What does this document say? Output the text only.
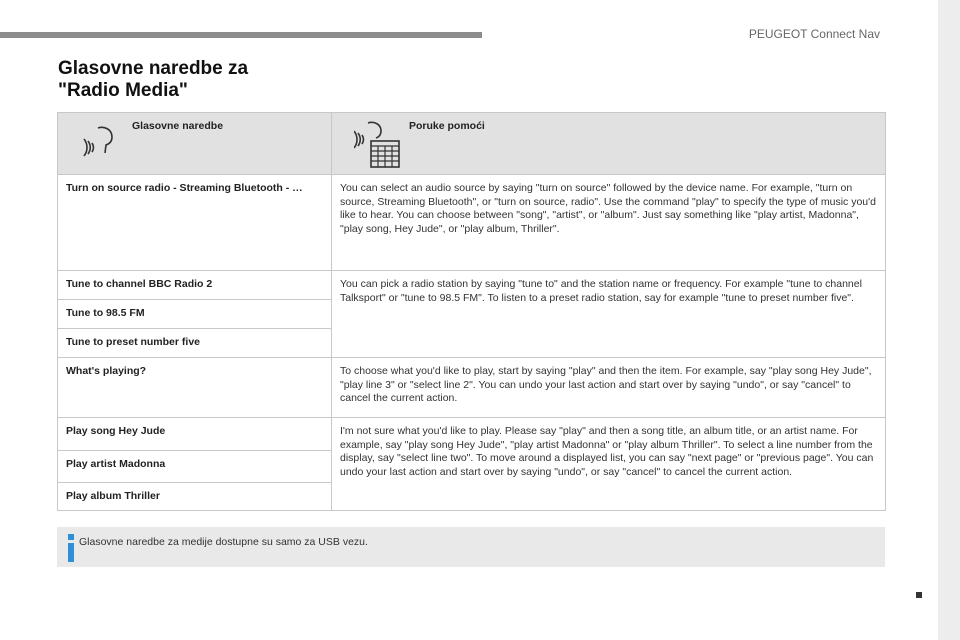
PEUGEOT Connect Nav
Glasovne naredbe za
"Radio Media"
Glasovne naredbe	Poruke pomoći

Turn on source radio - Streaming Bluetooth - …	You can select an audio source by saying "turn on source" followed by the device name. For example, "turn on source, Streaming Bluetooth", or "turn on source, radio". Use the command "play" to specify the type of music you'd like to hear. You can choose between "song", "artist", or "album". Just say something like "play artist, Madonna", "play song, Hey Jude", or "play album, Thriller".
Tune to channel BBC Radio 2	You can pick a radio station by saying "tune to" and the station name or frequency. For example "tune to channel Talksport" or "tune to 98.5 FM". To listen to a preset radio station, say for example "tune to preset number five".
Tune to 98.5 FM	
Tune to preset number five	
What's playing?	To choose what you'd like to play, start by saying "play" and then the item. For example, say "play song Hey Jude", "play line 3" or "select line 2". You can undo your last action and start over by saying "undo", or say "cancel" to cancel the current action.
Play song Hey Jude	I'm not sure what you'd like to play. Please say "play" and then a song title, an album title, or an artist name. For example, say "play song Hey Jude", "play artist Madonna" or "play album Thriller". To select a line number from the display, say "select line two". To move around a displayed list, you can say "next page" or "previous page". You can undo your last action and start over by saying "undo", or say "cancel" to cancel the current action.
Play artist Madonna	
Play album Thriller	
Glasovne naredbe za medije dostupne su samo za USB vezu.
